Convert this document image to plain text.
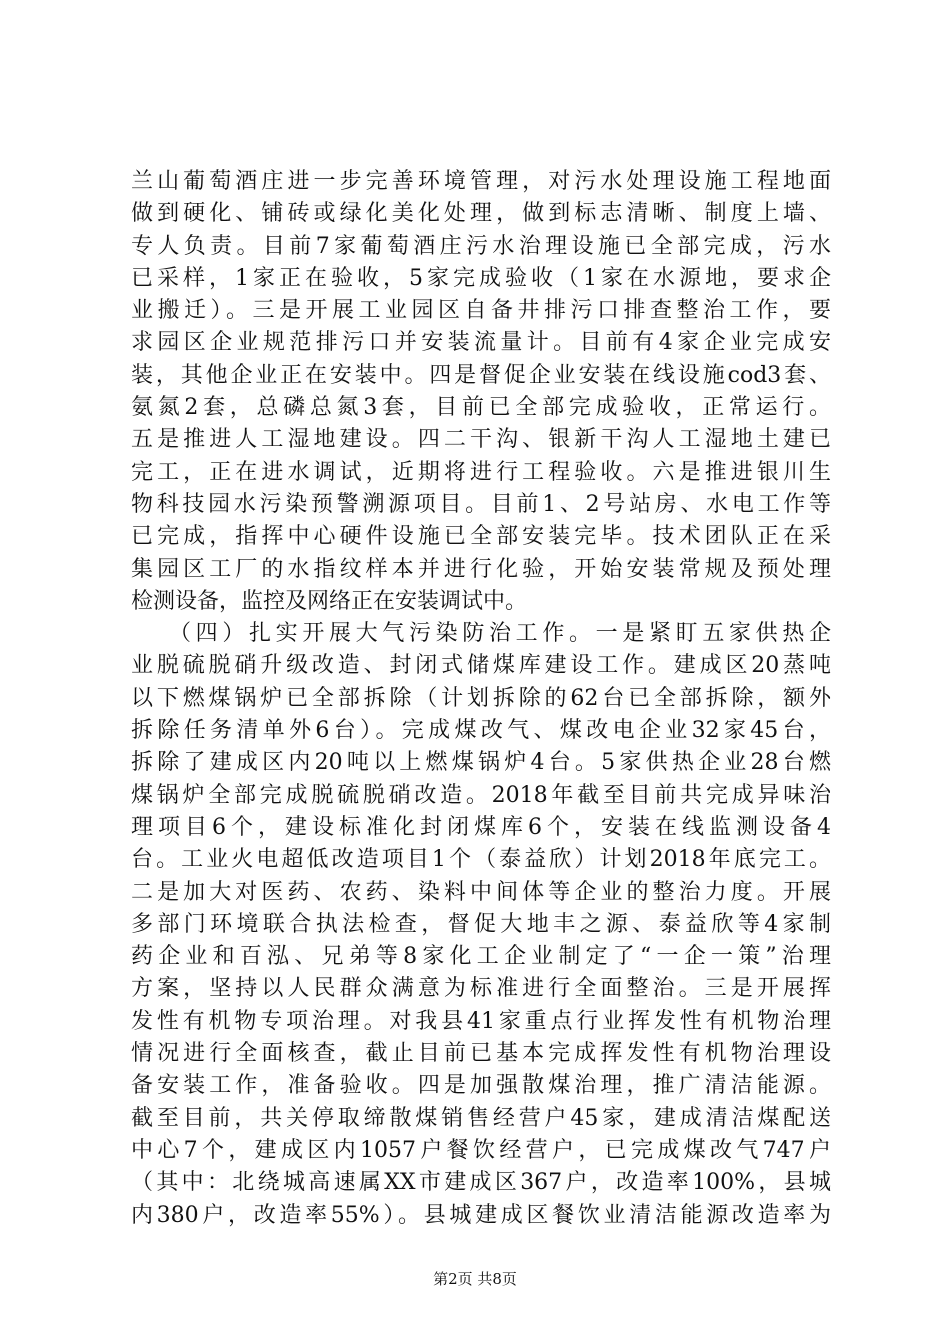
兰山葡萄酒庄进一步完善环境管理，对污水处理设施工程地面
做到硬化、铺砖或绿化美化处理，做到标志清晰、制度上墙、
专人负责。目前7家葡萄酒庄污水治理设施已全部完成，污水
已采样，1家正在验收，5家完成验收（1家在水源地，要求企
业搬迁）。三是开展工业园区自备井排污口排查整治工作，要
求园区企业规范排污口并安装流量计。目前有4家企业完成安
装，其他企业正在安装中。四是督促企业安装在线设施cod3套、
氨氮2套，总磷总氮3套，目前已全部完成验收，正常运行。
五是推进人工湿地建设。四二干沟、银新干沟人工湿地土建已
完工，正在进水调试，近期将进行工程验收。六是推进银川生
物科技园水污染预警溯源项目。目前1、2号站房、水电工作等
已完成，指挥中心硬件设施已全部安装完毕。技术团队正在采
集园区工厂的水指纹样本并进行化验，开始安装常规及预处理
检测设备，监控及网络正在安装调试中。
（四）扎实开展大气污染防治工作。一是紧盯五家供热企
业脱硫脱硝升级改造、封闭式储煤库建设工作。建成区20蒸吨
以下燃煤锅炉已全部拆除（计划拆除的62台已全部拆除，额外
拆除任务清单外6台）。完成煤改气、煤改电企业32家45台，
拆除了建成区内20吨以上燃煤锅炉4台。5家供热企业28台燃
煤锅炉全部完成脱硫脱硝改造。2018年截至目前共完成异味治
理项目6个，建设标准化封闭煤库6个，安装在线监测设备4
台。工业火电超低改造项目1个（泰益欣）计划2018年底完工。
二是加大对医药、农药、染料中间体等企业的整治力度。开展
多部门环境联合执法检查，督促大地丰之源、泰益欣等4家制
药企业和百泓、兄弟等8家化工企业制定了“一企一策”治理
方案，坚持以人民群众满意为标准进行全面整治。三是开展挥
发性有机物专项治理。对我县41家重点行业挥发性有机物治理
情况进行全面核查，截止目前已基本完成挥发性有机物治理设
备安装工作，准备验收。四是加强散煤治理，推广清洁能源。
截至目前，共关停取缔散煤销售经营户45家，建成清洁煤配送
中心7个，建成区内1057户餐饮经营户，已完成煤改气747户
（其中：北绕城高速属XX市建成区367户，改造率100%，县城
内380户，改造率55%）。县城建成区餐饮业清洁能源改造率为
第2页 共8页
